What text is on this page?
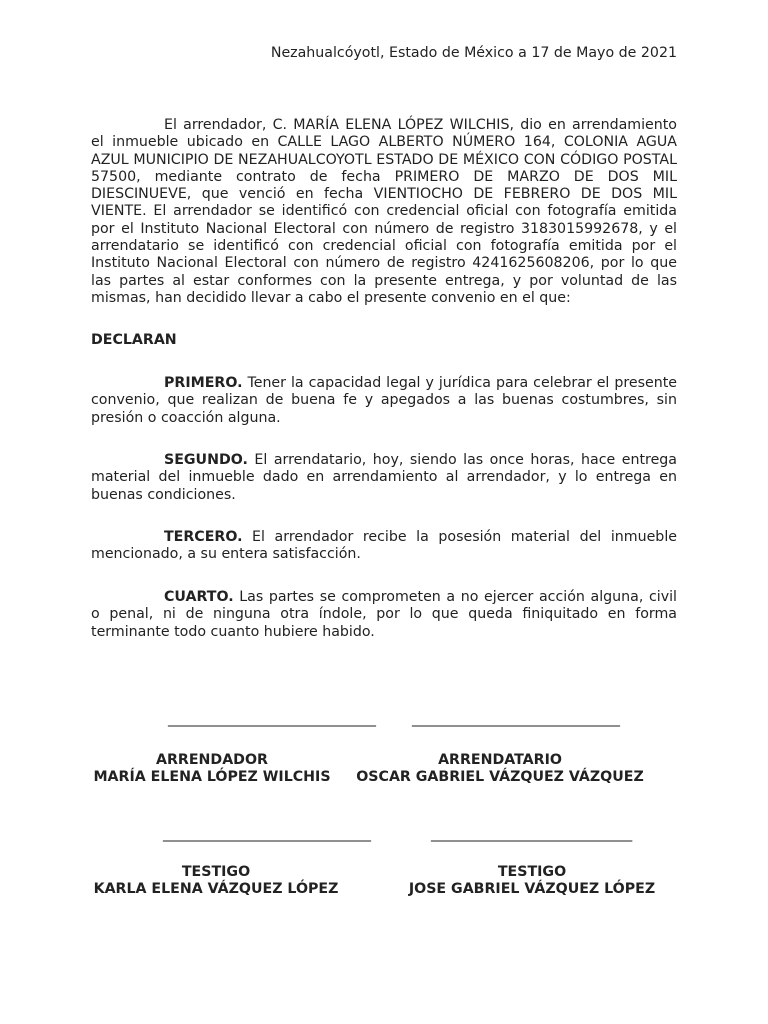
Nezahualcóyotl, Estado de México a 17 de Mayo de 2021

El arrendador, C. MARÍA ELENA LÓPEZ WILCHIS, dio en arrendamiento el inmueble ubicado en CALLE LAGO ALBERTO NÚMERO 164, COLONIA AGUA AZUL MUNICIPIO DE NEZAHUALCOYOTL ESTADO DE MÉXICO CON CÓDIGO POSTAL 57500, mediante contrato de fecha PRIMERO DE MARZO DE DOS MIL DIESCINUEVE, que venció en fecha VIENTIOCHO DE FEBRERO DE DOS MIL VIENTE. El arrendador se identificó con credencial oficial con fotografía emitida por el Instituto Nacional Electoral con número de registro 3183015992678, y el arrendatario se identificó con credencial oficial con fotografía emitida por el Instituto Nacional Electoral con número de registro 4241625608206, por lo que las partes al estar conformes con la presente entrega, y por voluntad de las mismas, han decidido llevar a cabo el presente convenio en el que:

DECLARAN

PRIMERO. Tener la capacidad legal y jurídica para celebrar el presente convenio, que realizan de buena fe y apegados a las buenas costumbres, sin presión o coacción alguna.

SEGUNDO. El arrendatario, hoy, siendo las once horas, hace entrega material del inmueble dado en arrendamiento al arrendador, y lo entrega en buenas condiciones.

TERCERO. El arrendador recibe la posesión material del inmueble mencionado, a su entera satisfacción.

CUARTO. Las partes se comprometen a no ejercer acción alguna, civil o penal, ni de ninguna otra índole, por lo que queda finiquitado en forma terminante todo cuanto hubiere habido.

_______________________________	_______________________________
ARRENDADOR
MARÍA ELENA LÓPEZ WILCHIS
ARRENDATARIO
OSCAR GABRIEL VÁZQUEZ VÁZQUEZ
_______________________________	______________________________
TESTIGO
KARLA ELENA VÁZQUEZ LÓPEZ
TESTIGO
JOSE GABRIEL VÁZQUEZ LÓPEZ
